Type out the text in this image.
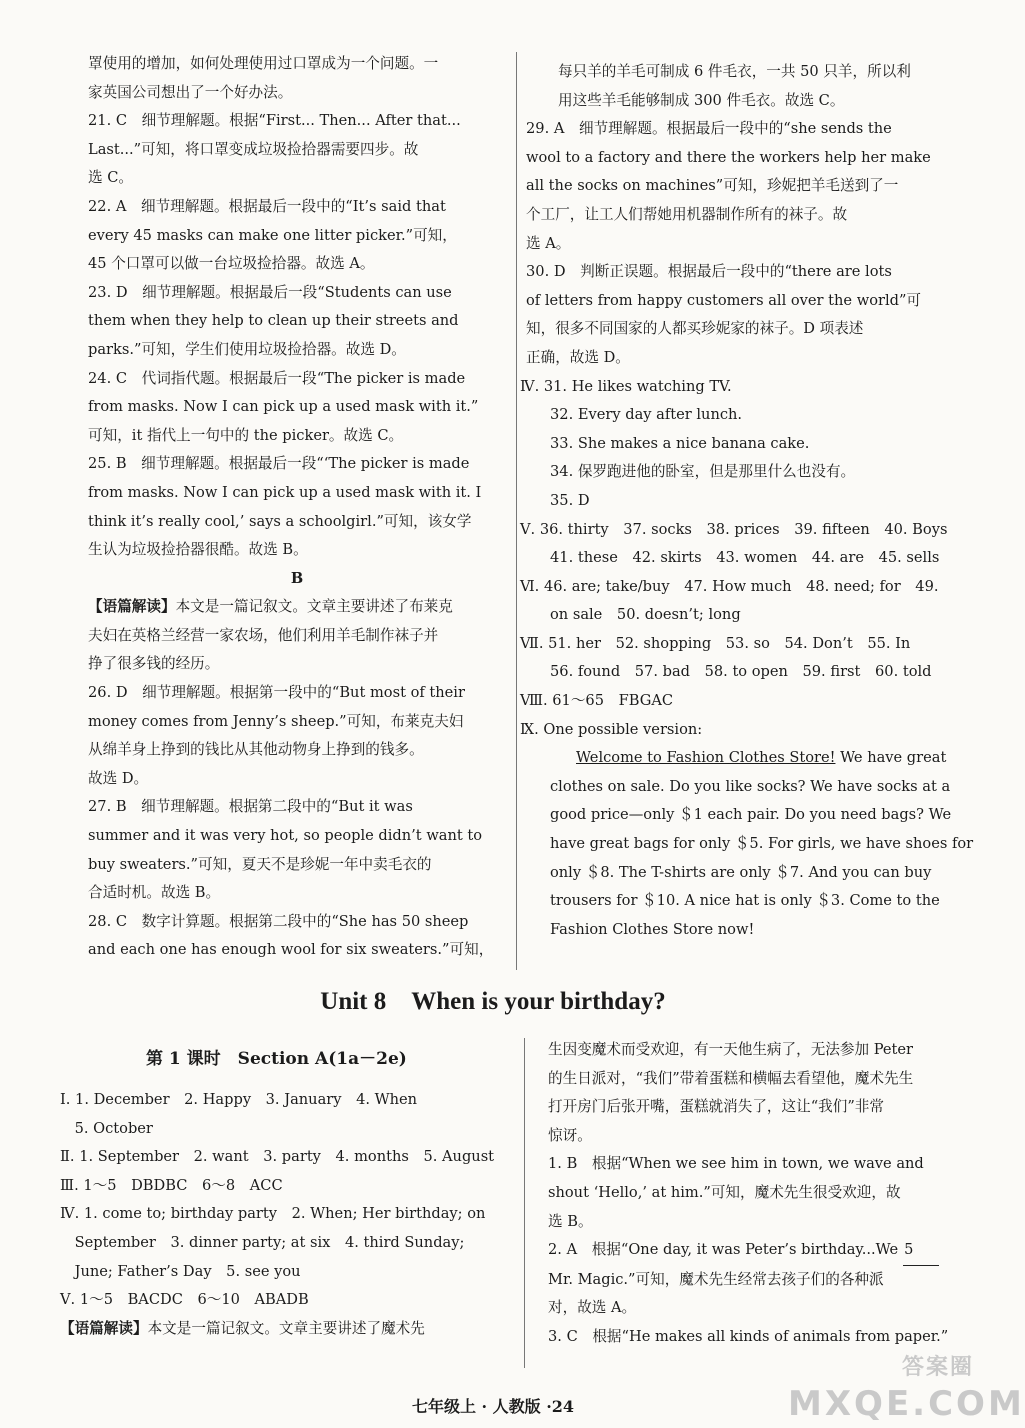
罩使用的增加，如何处理使用过口罩成为一个问题。一
家英国公司想出了一个好办法。
21. C　细节理解题。根据“First... Then... After that...
Last...”可知，将口罩变成垃圾捡拾器需要四步。故
选 C。
22. A　细节理解题。根据最后一段中的“It’s said that
every 45 masks can make one litter picker.”可知，
45 个口罩可以做一台垃圾捡拾器。故选 A。
23. D　细节理解题。根据最后一段“Students can use
them when they help to clean up their streets and
parks.”可知，学生们使用垃圾捡拾器。故选 D。
24. C　代词指代题。根据最后一段“The picker is made
from masks. Now I can pick up a used mask with it.”
可知，it 指代上一句中的 the picker。故选 C。
25. B　细节理解题。根据最后一段“‘The picker is made
from masks. Now I can pick up a used mask with it. I
think it’s really cool,’ says a schoolgirl.”可知，该女学
生认为垃圾捡拾器很酷。故选 B。
B
【语篇解读】本文是一篇记叙文。文章主要讲述了布莱克
夫妇在英格兰经营一家农场，他们利用羊毛制作袜子并
挣了很多钱的经历。
26. D　细节理解题。根据第一段中的“But most of their
money comes from Jenny’s sheep.”可知，布莱克夫妇
从绵羊身上挣到的钱比从其他动物身上挣到的钱多。
故选 D。
27. B　细节理解题。根据第二段中的“But it was
summer and it was very hot, so people didn’t want to
buy sweaters.”可知，夏天不是珍妮一年中卖毛衣的
合适时机。故选 B。
28. C　数字计算题。根据第二段中的“She has 50 sheep
and each one has enough wool for six sweaters.”可知，
每只羊的羊毛可制成 6 件毛衣，一共 50 只羊，所以利
用这些羊毛能够制成 300 件毛衣。故选 C。
29. A　细节理解题。根据最后一段中的“she sends the
wool to a factory and there the workers help her make
all the socks on machines”可知，珍妮把羊毛送到了一
个工厂，让工人们帮她用机器制作所有的袜子。故
选 A。
30. D　判断正误题。根据最后一段中的“there are lots
of letters from happy customers all over the world”可
知，很多不同国家的人都买珍妮家的袜子。D 项表述
正确，故选 D。
Ⅳ. 31. He likes watching TV.
32. Every day after lunch.
33. She makes a nice banana cake.
34. 保罗跑进他的卧室，但是那里什么也没有。
35. D
Ⅴ. 36. thirty　37. socks　38. prices　39. fifteen　40. Boys
41. these　42. skirts　43. women　44. are　45. sells
Ⅵ. 46. are; take/buy　47. How much　48. need; for　49.
on sale　50. doesn’t; long
Ⅶ. 51. her　52. shopping　53. so　54. Don’t　55. In
56. found　57. bad　58. to open　59. first　60. told
Ⅷ. 61～65　FBGAC
Ⅸ. One possible version:
Welcome to Fashion Clothes Store! We have great
clothes on sale. Do you like socks? We have socks at a
good price—only ＄1 each pair. Do you need bags? We
have great bags for only ＄5. For girls, we have shoes for
only ＄8. The T-shirts are only ＄7. And you can buy
trousers for ＄10. A nice hat is only ＄3. Come to the
Fashion Clothes Store now!
Unit 8　When is your birthday?
第 1 课时　Section A(1a－2e)
Ⅰ. 1. December　2. Happy　3. January　4. When
　5. October
Ⅱ. 1. September　2. want　3. party　4. months　5. August
Ⅲ. 1～5　DBDBC　6～8　ACC
Ⅳ. 1. come to; birthday party　2. When; Her birthday; on
　September　3. dinner party; at six　4. third Sunday;
　June; Father’s Day　5. see you
Ⅴ. 1～5　BACDC　6～10　ABADB
【语篇解读】本文是一篇记叙文。文章主要讲述了魔术先
生因变魔术而受欢迎，有一天他生病了，无法参加 Peter
的生日派对，“我们”带着蛋糕和横幅去看望他，魔术先生
打开房门后张开嘴，蛋糕就消失了，这让“我们”非常
惊讶。
1. B　根据“When we see him in town, we wave and
shout ‘Hello,’ at him.”可知，魔术先生很受欢迎，故
选 B。
2. A　根据“One day, it was Peter’s birthday...We 5
Mr. Magic.”可知，魔术先生经常去孩子们的各种派
对，故选 A。
3. C　根据“He makes all kinds of animals from paper.”
七年级上 · 人教版 ·24
答案圈
MXQE.COM
